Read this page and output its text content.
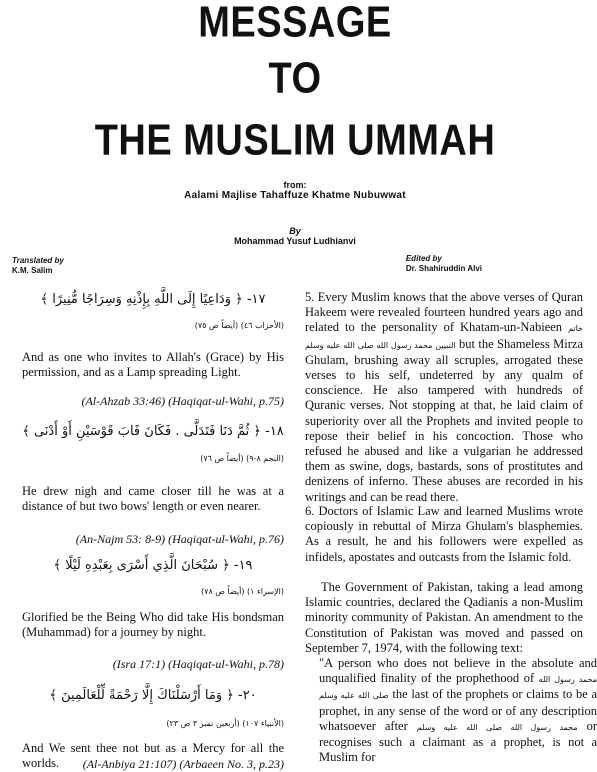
MESSAGE
TO
THE MUSLIM UMMAH
from:
Aalami Majlise Tahaffuze Khatme Nubuwwat
By
Mohammad Yusuf Ludhianvi
Translated by
K.M. Salim
Edited by
Dr. Shahiruddin Alvi
١٧- ﴿ وَدَاعِيًا إِلَى اللَّهِ بِإِذْنِهِ وَسِرَاجًا مُّنِيرًا ﴾
(الأحزاب ٤٦) (أيضاً ص ٧٥)

And as one who invites to Allah's (Grace) by His permission, and as a Lamp spreading Light.

(Al-Ahzab 33:46) (Haqiqat-ul-Wahi, p.75)
١٨- ﴿ ثُمَّ دَنَا فَتَدَلَّى . فَكَانَ قَابَ قَوْسَيْنِ أَوْ أَدْنَى ﴾
(النجم ٨-٩) (أيضاً ص ٧٦)

He drew nigh and came closer till he was at a distance of but two bows' length or even nearer.

(An-Najm 53: 8-9) (Haqiqat-ul-Wahi, p.76)
١٩- ﴿ سُبْحَانَ الَّذِي أَسْرَى بِعَبْدِهِ لَيْلًا ﴾
(الإسراء ١) (أيضاً ص ٧٨)

Glorified be the Being Who did take His bondsman (Muhammad) for a journey by night.

(Isra 17:1) (Haqiqat-ul-Wahi, p.78)
٢٠- ﴿ وَمَا أَرْسَلْنَاكَ إِلَّا رَحْمَةً لِّلْعَالَمِينَ ﴾
(الأنبياء ١٠٧) (أربعين نمبر ٣ ص ٢٣)

And We sent thee not but as a Mercy for all the worlds.	(Al-Anbiya 21:107) (Arbaeen No. 3, p.23)

5. Every Muslim knows that the above verses of Quran Hakeem were revealed fourteen hundred years ago and related to the personality of Khatam-un-Nabieen خاتم النبيين محمد رسول الله صلى الله عليه وسلم but the Shameless Mirza Ghulam, brushing away all scruples, arrogated these verses to his self, undeterred by any qualm of conscience. He also tampered with hundreds of Quranic verses. Not stopping at that, he laid claim of superiority over all the Prophets and invited people to repose their belief in his concoction. Those who refused he abused and like a vulgarian he addressed them as swine, dogs, bastards, sons of prostitutes and denizens of inferno. These abuses are recorded in his writings and can be read there.

6. Doctors of Islamic Law and learned Muslims wrote copiously in rebuttal of Mirza Ghulam's blasphemies. As a result, he and his followers were expelled as infidels, apostates and outcasts from the Islamic fold.

The Government of Pakistan, taking a lead among Islamic countries, declared the Qadianis a non-Muslim minority community of Pakistan. An amendment to the Constitution of Pakistan was moved and passed on September 7, 1974, with the following text:

"A person who does not believe in the absolute and unqualified finality of the prophethood of محمد رسول الله صلى الله عليه وسلم the last of the prophets or claims to be a prophet, in any sense of the word or of any description whatsoever after محمد رسول الله صلى الله عليه وسلم or recognises such a claimant as a prophet, is not a Muslim for
